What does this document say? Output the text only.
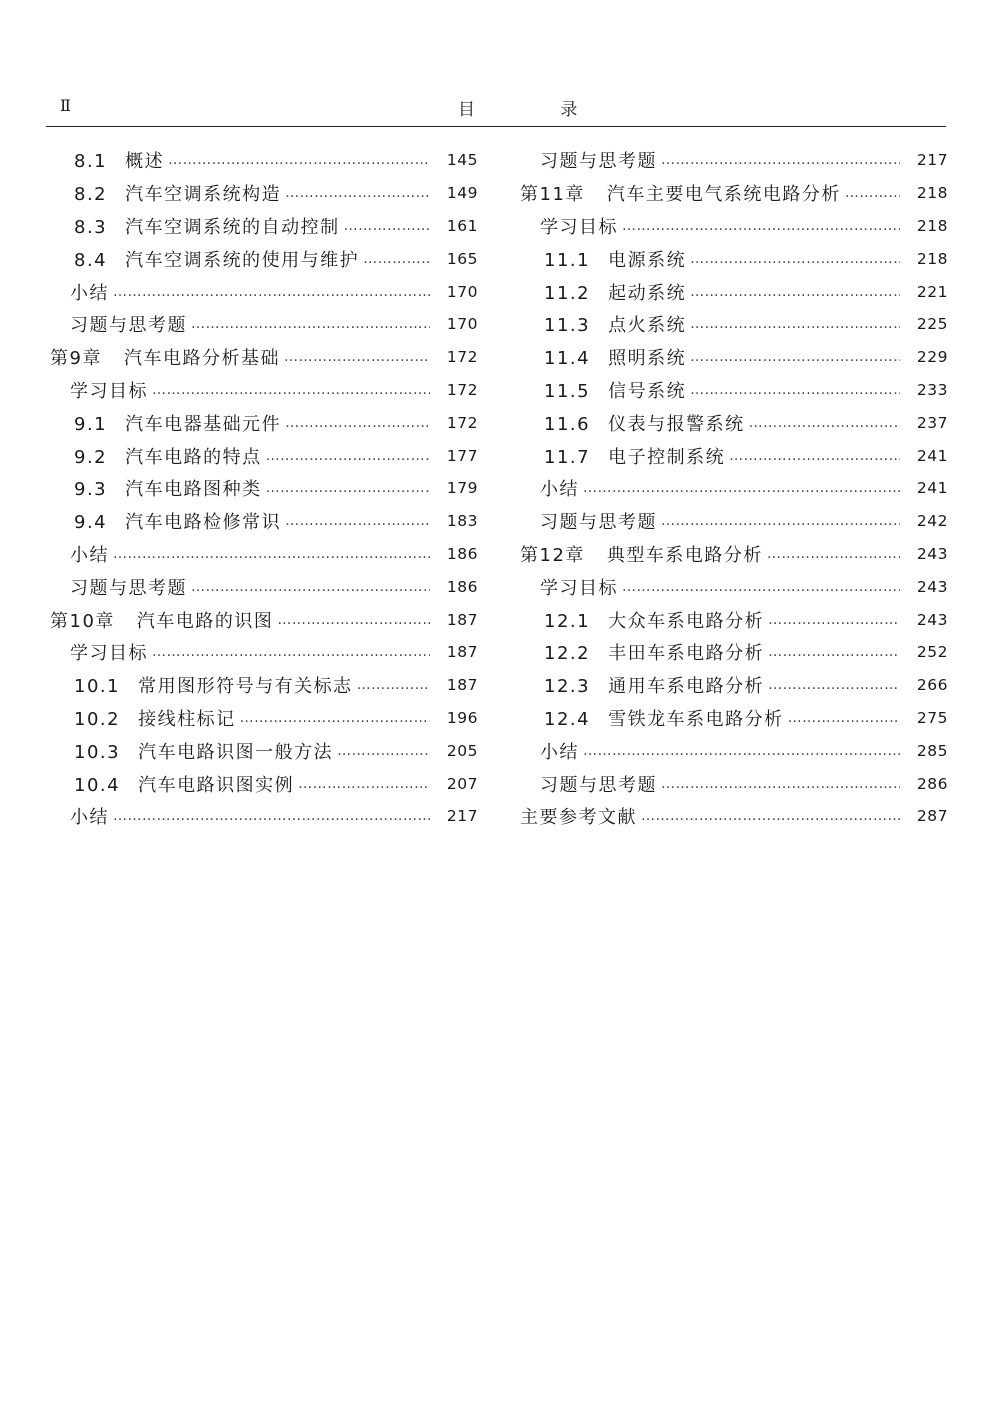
Ⅱ	目 录
8.1 概述 ……………………………………………………………………………………………………………………………………	145
8.2 汽车空调系统构造 ……………………………………………………………………………………………………………………………………	149
8.3 汽车空调系统的自动控制 ……………………………………………………………………………………………………………………………………	161
8.4 汽车空调系统的使用与维护 ……………………………………………………………………………………………………………………………………	165
小结 ……………………………………………………………………………………………………………………………………	170
习题与思考题 ……………………………………………………………………………………………………………………………………	170
第9章 汽车电路分析基础 ……………………………………………………………………………………………………………………………………	172
学习目标 ……………………………………………………………………………………………………………………………………	172
9.1 汽车电器基础元件 ……………………………………………………………………………………………………………………………………	172
9.2 汽车电路的特点 ……………………………………………………………………………………………………………………………………	177
9.3 汽车电路图种类 ……………………………………………………………………………………………………………………………………	179
9.4 汽车电路检修常识 ……………………………………………………………………………………………………………………………………	183
小结 ……………………………………………………………………………………………………………………………………	186
习题与思考题 ……………………………………………………………………………………………………………………………………	186
第10章 汽车电路的识图 ……………………………………………………………………………………………………………………………………	187
学习目标 ……………………………………………………………………………………………………………………………………	187
10.1 常用图形符号与有关标志 ……………………………………………………………………………………………………………………………………	187
10.2 接线柱标记 ……………………………………………………………………………………………………………………………………	196
10.3 汽车电路识图一般方法 ……………………………………………………………………………………………………………………………………	205
10.4 汽车电路识图实例 ……………………………………………………………………………………………………………………………………	207
小结 ……………………………………………………………………………………………………………………………………	217
习题与思考题 ……………………………………………………………………………………………………………………………………	217
第11章 汽车主要电气系统电路分析 ……………………………………………………………………………………………………………………………………	218
学习目标 ……………………………………………………………………………………………………………………………………	218
11.1 电源系统 ……………………………………………………………………………………………………………………………………	218
11.2 起动系统 ……………………………………………………………………………………………………………………………………	221
11.3 点火系统 ……………………………………………………………………………………………………………………………………	225
11.4 照明系统 ……………………………………………………………………………………………………………………………………	229
11.5 信号系统 ……………………………………………………………………………………………………………………………………	233
11.6 仪表与报警系统 ……………………………………………………………………………………………………………………………………	237
11.7 电子控制系统 ……………………………………………………………………………………………………………………………………	241
小结 ……………………………………………………………………………………………………………………………………	241
习题与思考题 ……………………………………………………………………………………………………………………………………	242
第12章 典型车系电路分析 ……………………………………………………………………………………………………………………………………	243
学习目标 ……………………………………………………………………………………………………………………………………	243
12.1 大众车系电路分析 ……………………………………………………………………………………………………………………………………	243
12.2 丰田车系电路分析 ……………………………………………………………………………………………………………………………………	252
12.3 通用车系电路分析 ……………………………………………………………………………………………………………………………………	266
12.4 雪铁龙车系电路分析 ……………………………………………………………………………………………………………………………………	275
小结 ……………………………………………………………………………………………………………………………………	285
习题与思考题 ……………………………………………………………………………………………………………………………………	286
主要参考文献 ……………………………………………………………………………………………………………………………………	287
